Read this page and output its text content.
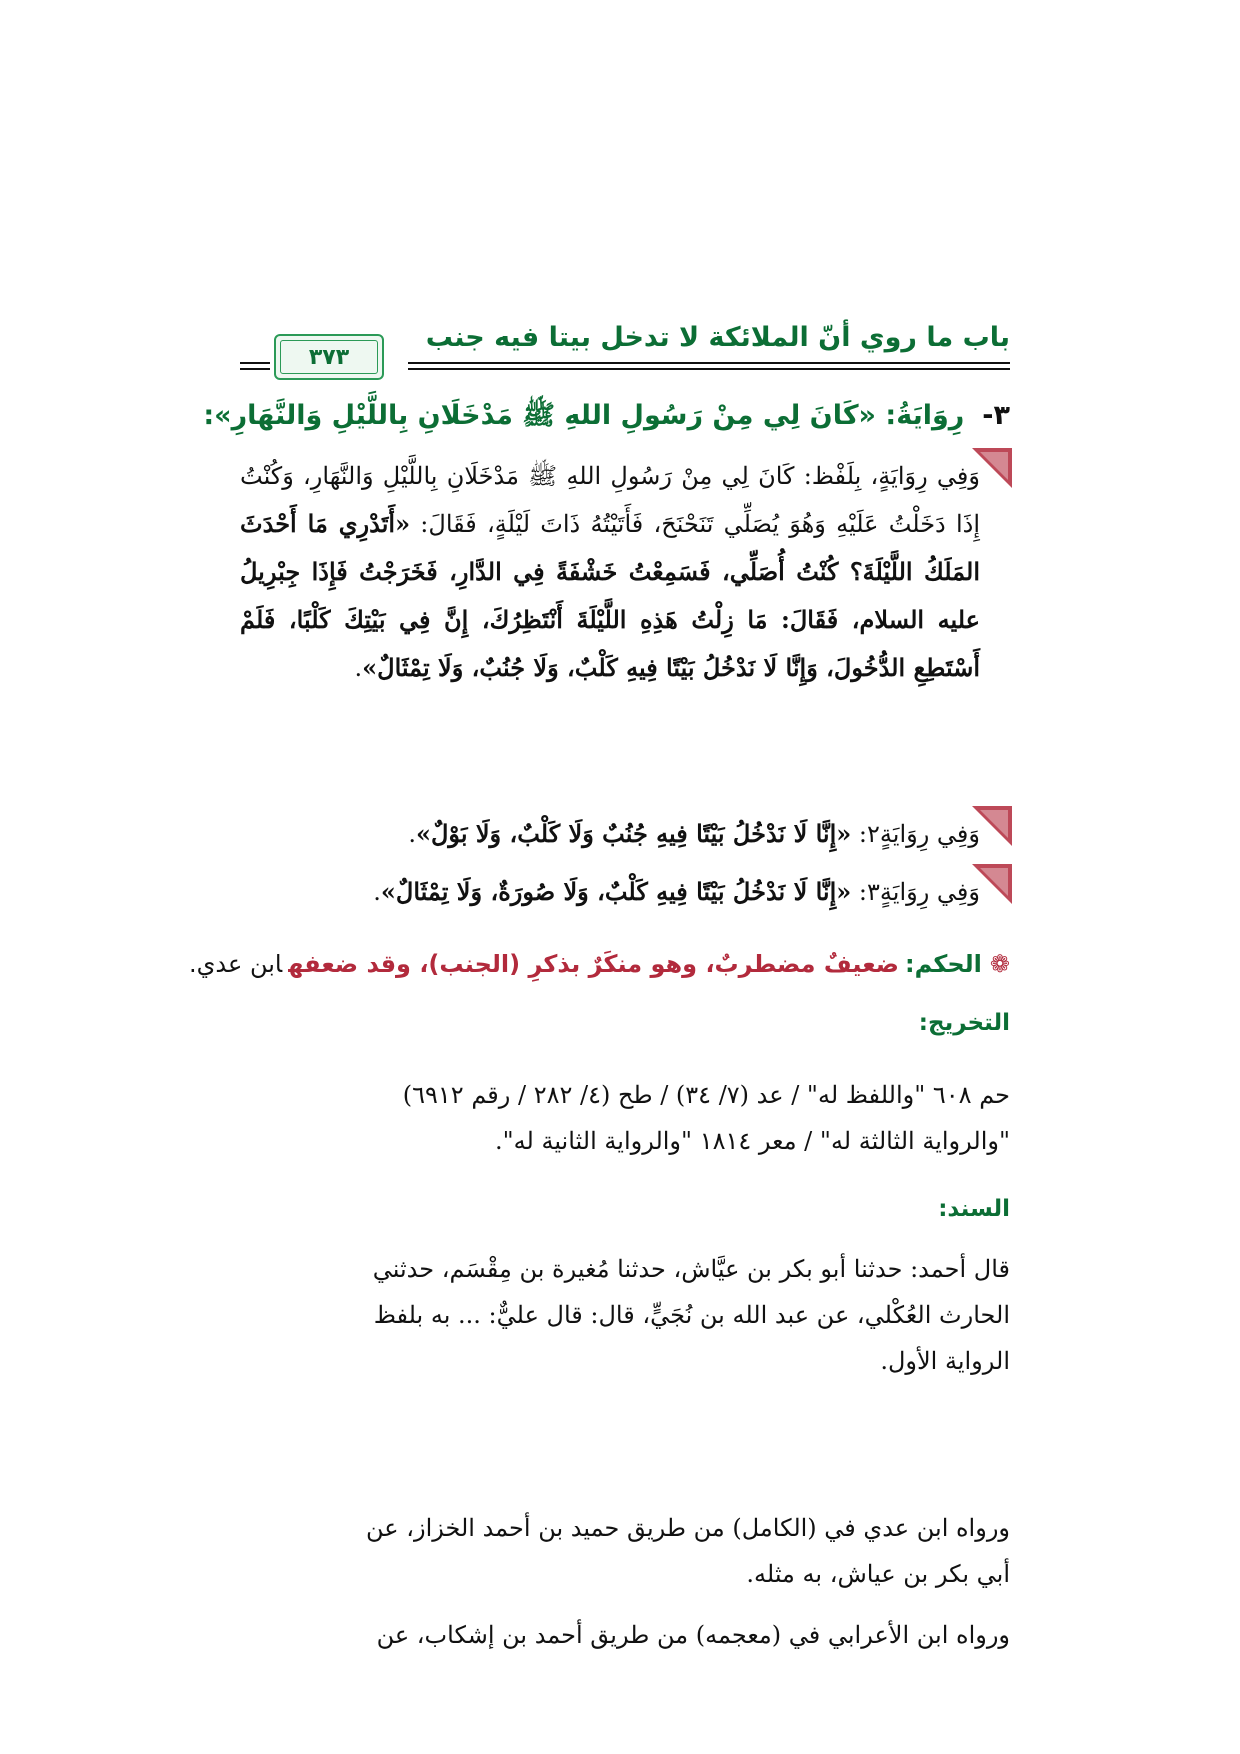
باب ما روي أنّ الملائكة لا تدخل بيتا فيه جنب
٣٧٣
٣-رِوَايَةُ: «كَانَ لِي مِنْ رَسُولِ اللهِ ﷺ مَدْخَلَانِ بِاللَّيْلِ وَالنَّهَارِ»:
وَفِي رِوَايَةٍ، بِلَفْظ: كَانَ لِي مِنْ رَسُولِ اللهِ ﷺ مَدْخَلَانِ بِاللَّيْلِ وَالنَّهَارِ، وَكُنْتُ إِذَا دَخَلْتُ عَلَيْهِ وَهُوَ يُصَلِّي تَنَحْنَحَ، فَأَتَيْتُهُ ذَاتَ لَيْلَةٍ، فَقَالَ: «أَتَدْرِي مَا أَحْدَثَ المَلَكُ اللَّيْلَةَ؟ كُنْتُ أُصَلِّي، فَسَمِعْتُ خَشْفَةً فِي الدَّارِ، فَخَرَجْتُ فَإِذَا جِبْرِيلُ عليه السلام، فَقَالَ: مَا زِلْتُ هَذِهِ اللَّيْلَةَ أَنْتَظِرُكَ، إِنَّ فِي بَيْتِكَ كَلْبًا، فَلَمْ أَسْتَطِعِ الدُّخُولَ، وَإِنَّا لَا نَدْخُلُ بَيْتًا فِيهِ كَلْبٌ، وَلَا جُنُبٌ، وَلَا تِمْثَالٌ».
وَفِي رِوَايَةٍ٢: «إِنَّا لَا نَدْخُلُ بَيْتًا فِيهِ جُنُبٌ وَلَا كَلْبٌ، وَلَا بَوْلٌ».
وَفِي رِوَايَةٍ٣: «إِنَّا لَا نَدْخُلُ بَيْتًا فِيهِ كَلْبٌ، وَلَا صُورَةٌ، وَلَا تِمْثَالٌ».
❁الحكم:ضعيفٌ مضطربٌ، وهو منكَرٌ بذكرِ (الجنب)، وقد ضعفهابن عدي.
التخريج:
حم ٦٠٨ "واللفظ له" / عد (٧/ ٣٤) / طح (٤/ ٢٨٢ / رقم ٦٩١٢)
"والرواية الثالثة له" / معر ١٨١٤ "والرواية الثانية له".
السند:
قال أحمد: حدثنا أبو بكر بن عيَّاش، حدثنا مُغيرة بن مِقْسَم، حدثني
الحارث العُكْلي، عن عبد الله بن نُجَيٍّ، قال: قال عليٌّ: ... به بلفظ
الرواية الأول.
ورواه ابن عدي في (الكامل) من طريق حميد بن أحمد الخزاز، عن
أبي بكر بن عياش، به مثله.
ورواه ابن الأعرابي في (معجمه) من طريق أحمد بن إشكاب، عن
